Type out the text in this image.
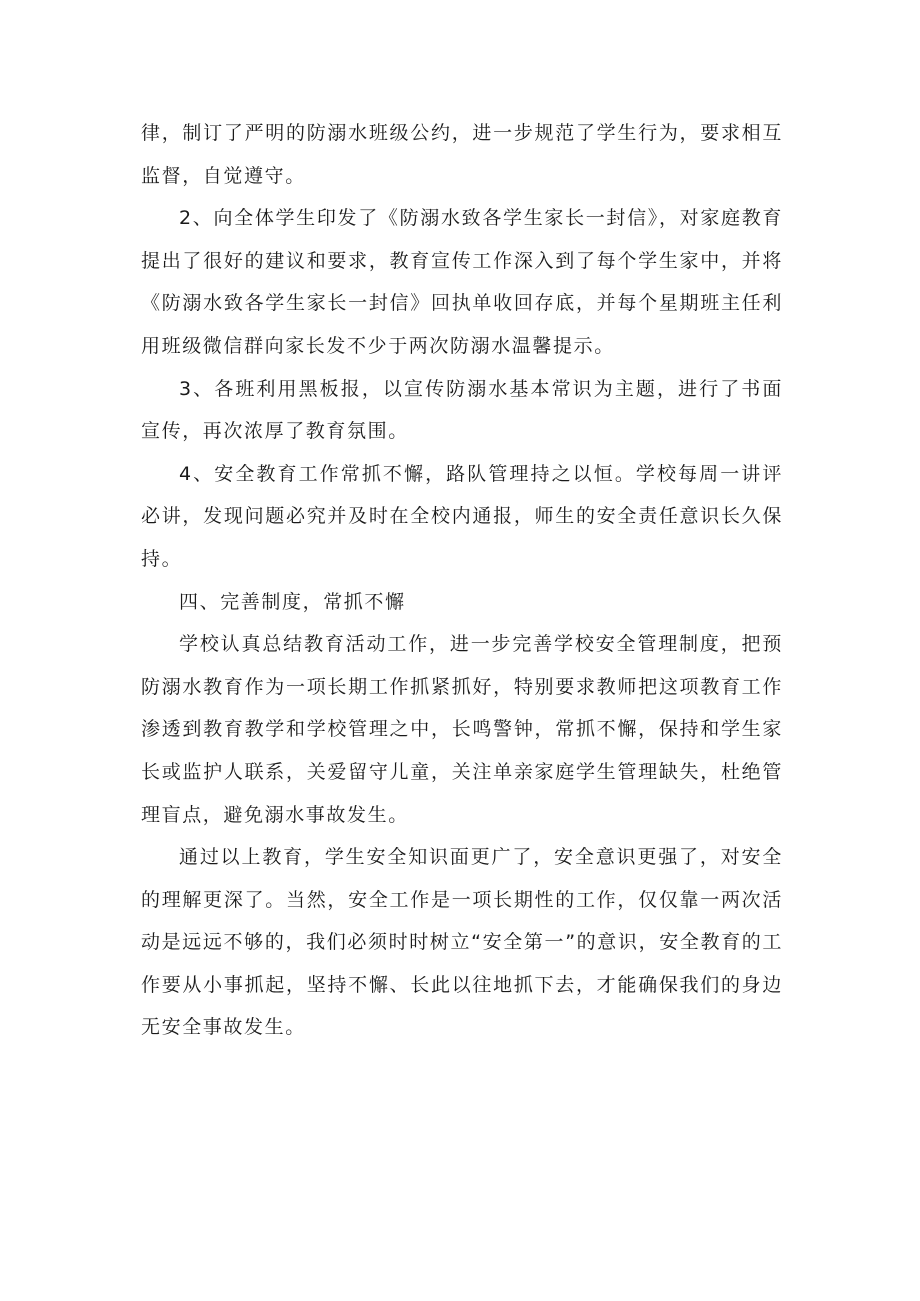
律，制订了严明的防溺水班级公约，进一步规范了学生行为，要求相互监督，自觉遵守。

2、向全体学生印发了《防溺水致各学生家长一封信》，对家庭教育提出了很好的建议和要求，教育宣传工作深入到了每个学生家中，并将《防溺水致各学生家长一封信》回执单收回存底，并每个星期班主任利用班级微信群向家长发不少于两次防溺水温馨提示。

3、各班利用黑板报，以宣传防溺水基本常识为主题，进行了书面宣传，再次浓厚了教育氛围。

4、安全教育工作常抓不懈，路队管理持之以恒。学校每周一讲评必讲，发现问题必究并及时在全校内通报，师生的安全责任意识长久保持。

四、完善制度，常抓不懈

学校认真总结教育活动工作，进一步完善学校安全管理制度，把预防溺水教育作为一项长期工作抓紧抓好，特别要求教师把这项教育工作渗透到教育教学和学校管理之中，长鸣警钟，常抓不懈，保持和学生家长或监护人联系，关爱留守儿童，关注单亲家庭学生管理缺失，杜绝管理盲点，避免溺水事故发生。

通过以上教育，学生安全知识面更广了，安全意识更强了，对安全的理解更深了。当然，安全工作是一项长期性的工作，仅仅靠一两次活动是远远不够的，我们必须时时树立“安全第一”的意识，安全教育的工作要从小事抓起，坚持不懈、长此以往地抓下去，才能确保我们的身边无安全事故发生。
